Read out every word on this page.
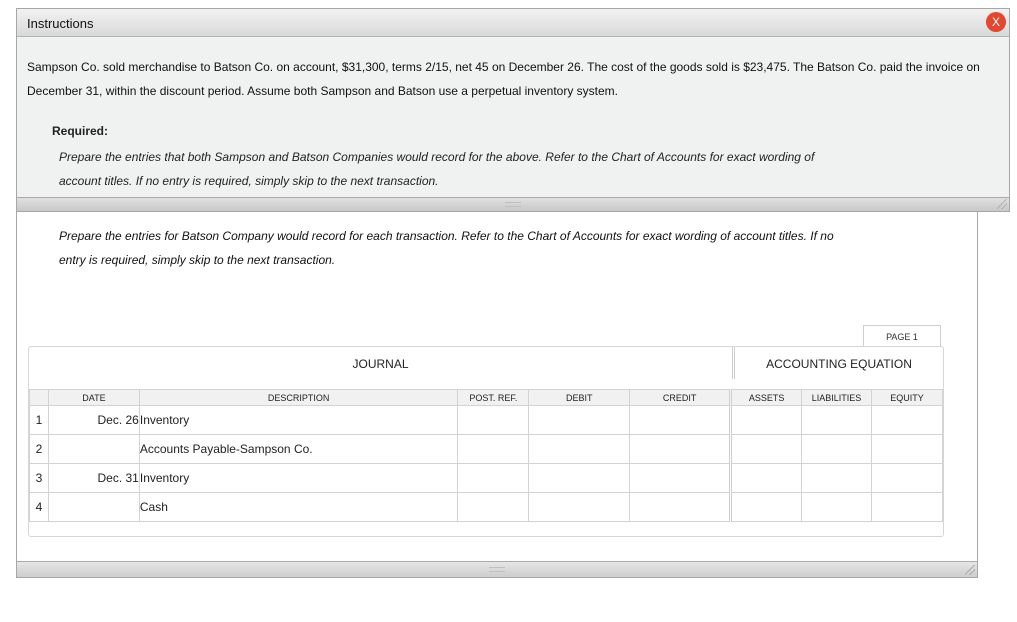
Instructions	X
Sampson Co. sold merchandise to Batson Co. on account, $31,300, terms 2/15, net 45 on December 26. The cost of the goods sold is $23,475. The Batson Co. paid the invoice on December 31, within the discount period. Assume both Sampson and Batson use a perpetual inventory system.
Required:
Prepare the entries that both Sampson and Batson Companies would record for the above. Refer to the Chart of Accounts for exact wording of account titles. If no entry is required, simply skip to the next transaction.
Prepare the entries for Batson Company would record for each transaction. Refer to the Chart of Accounts for exact wording of account titles. If no entry is required, simply skip to the next transaction.
PAGE 1
JOURNAL	ACCOUNTING EQUATION
	DATE	DESCRIPTION	POST. REF.	DEBIT	CREDIT	ASSETS	LIABILITIES	EQUITY
1	Dec. 26	Inventory						
2		Accounts Payable-Sampson Co.						
3	Dec. 31	Inventory						
4		Cash						
